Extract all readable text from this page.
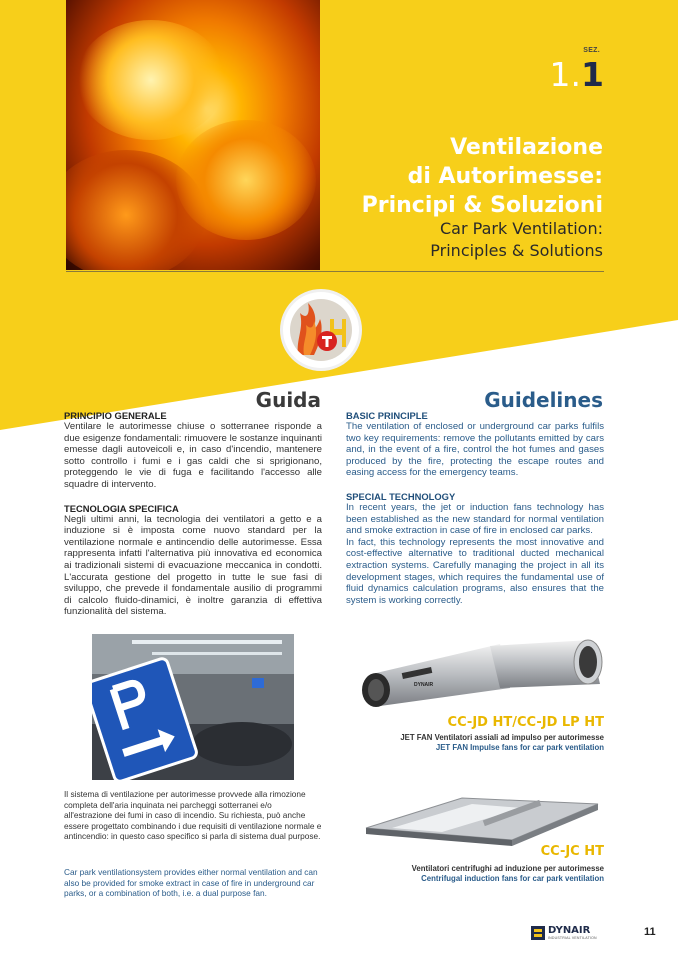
SEZ.
1.1
Ventilazione
di Autorimesse:
Principi & Soluzioni
Car Park Ventilation:
Principles & Solutions
Guida	Guidelines
PRINCIPIO GENERALE
Ventilare le autorimesse chiuse o sotterranee risponde a due esigenze fondamentali: rimuovere le sostanze inquinanti emesse dagli autoveicoli e, in caso d'incendio, mantenere sotto controllo i fumi e i gas caldi che si sprigionano, proteggendo le vie di fuga e facilitando l'accesso alle squadre di intervento.
TECNOLOGIA SPECIFICA
Negli ultimi anni, la tecnologia dei ventilatori a getto e a induzione si è imposta come nuovo standard per la ventilazione normale e antincendio delle autorimesse. Essa rappresenta infatti l'alternativa più innovativa ed economica ai tradizionali sistemi di evacuazione meccanica in condotti. L'accurata gestione del progetto in tutte le sue fasi di sviluppo, che prevede il fondamentale ausilio di programmi di calcolo fluido-dinamici, è inoltre garanzia di effettiva funzionalità del sistema.
BASIC PRINCIPLE
The ventilation of enclosed or underground car parks fulfils two key requirements: remove the pollutants emitted by cars and, in the event of a fire, control the hot fumes and gases produced by the fire, protecting the escape routes and easing access for the emergency teams.
SPECIAL TECHNOLOGY
In recent years, the jet or induction fans technology has been established as the new standard for normal ventilation and smoke extraction in case of fire in enclosed car parks.
In fact, this technology represents the most innovative and cost-effective alternative to traditional ducted mechanical extraction systems. Carefully managing the project in all its development stages, which requires the fundamental use of fluid dynamics calculation programs, also ensures that the system is working correctly.
Il sistema di ventilazione per autorimesse provvede alla rimozione completa dell'aria inquinata nei parcheggi sotterranei e/o all'estrazione dei fumi in caso di incendio. Su richiesta, può anche essere progettato combinando i due requisiti di ventilazione normale e antincendio: in questo caso specifico si parla di sistema dual purpose.
Car park ventilationsystem provides either normal ventilation and can also be provided for smoke extract in case of fire in underground car parks, or a combination of both, i.e. a dual purpose fan.
DYNAIR
CC-JD HT/CC-JD LP HT
JET FAN Ventilatori assiali ad impulso per autorimesse
JET FAN Impulse fans for car park ventilation
CC-JC HT
Ventilatori centrifughi ad induzione per autorimesse
Centrifugal induction fans for car park ventilation
DYNAIR
INDUSTRIAL VENTILATION	11
